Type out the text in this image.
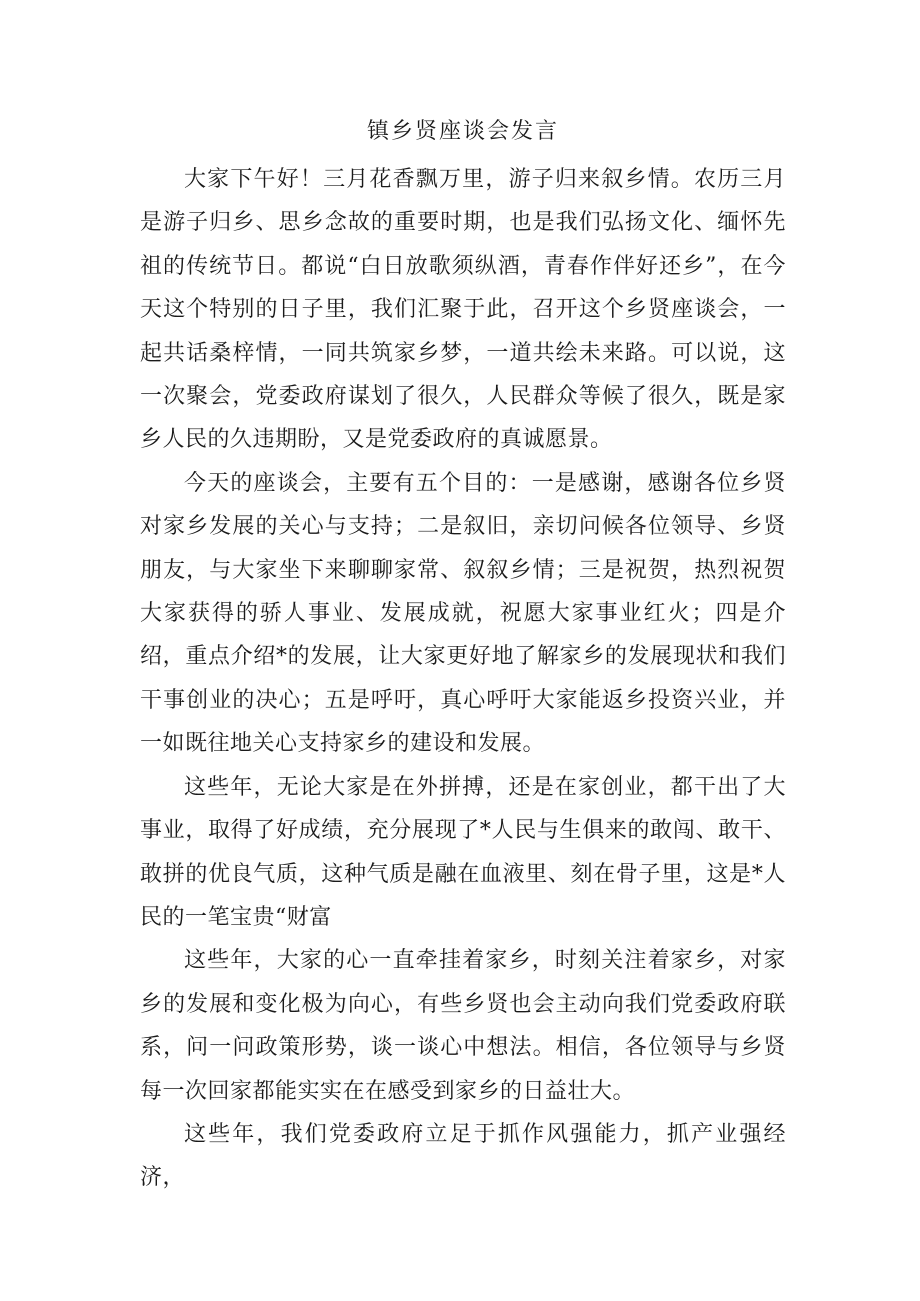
镇乡贤座谈会发言

大家下午好！三月花香飘万里，游子归来叙乡情。农历三月是游子归乡、思乡念故的重要时期，也是我们弘扬文化、缅怀先祖的传统节日。都说“白日放歌须纵酒，青春作伴好还乡”，在今天这个特别的日子里，我们汇聚于此，召开这个乡贤座谈会，一起共话桑梓情，一同共筑家乡梦，一道共绘未来路。可以说，这一次聚会，党委政府谋划了很久，人民群众等候了很久，既是家乡人民的久违期盼，又是党委政府的真诚愿景。

今天的座谈会，主要有五个目的：一是感谢，感谢各位乡贤对家乡发展的关心与支持；二是叙旧，亲切问候各位领导、乡贤朋友，与大家坐下来聊聊家常、叙叙乡情；三是祝贺，热烈祝贺大家获得的骄人事业、发展成就，祝愿大家事业红火；四是介绍，重点介绍*的发展，让大家更好地了解家乡的发展现状和我们干事创业的决心；五是呼吁，真心呼吁大家能返乡投资兴业，并一如既往地关心支持家乡的建设和发展。

这些年，无论大家是在外拼搏，还是在家创业，都干出了大事业，取得了好成绩，充分展现了*人民与生俱来的敢闯、敢干、敢拼的优良气质，这种气质是融在血液里、刻在骨子里，这是*人民的一笔宝贵“财富

这些年，大家的心一直牵挂着家乡，时刻关注着家乡，对家乡的发展和变化极为向心，有些乡贤也会主动向我们党委政府联系，问一问政策形势，谈一谈心中想法。相信，各位领导与乡贤每一次回家都能实实在在感受到家乡的日益壮大。

这些年，我们党委政府立足于抓作风强能力，抓产业强经济，
